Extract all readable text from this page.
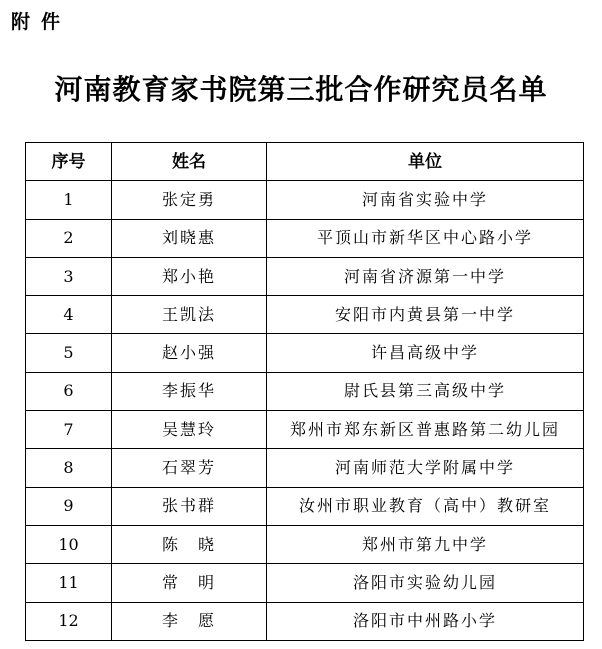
附件
河南教育家书院第三批合作研究员名单
序号	姓名	单位
1	张定勇	河南省实验中学
2	刘晓惠	平顶山市新华区中心路小学
3	郑小艳	河南省济源第一中学
4	王凯法	安阳市内黄县第一中学
5	赵小强	许昌高级中学
6	李振华	尉氏县第三高级中学
7	吴慧玲	郑州市郑东新区普惠路第二幼儿园
8	石翠芳	河南师范大学附属中学
9	张书群	汝州市职业教育（高中）教研室
10	陈　晓	郑州市第九中学
11	常　明	洛阳市实验幼儿园
12	李　愿	洛阳市中州路小学
